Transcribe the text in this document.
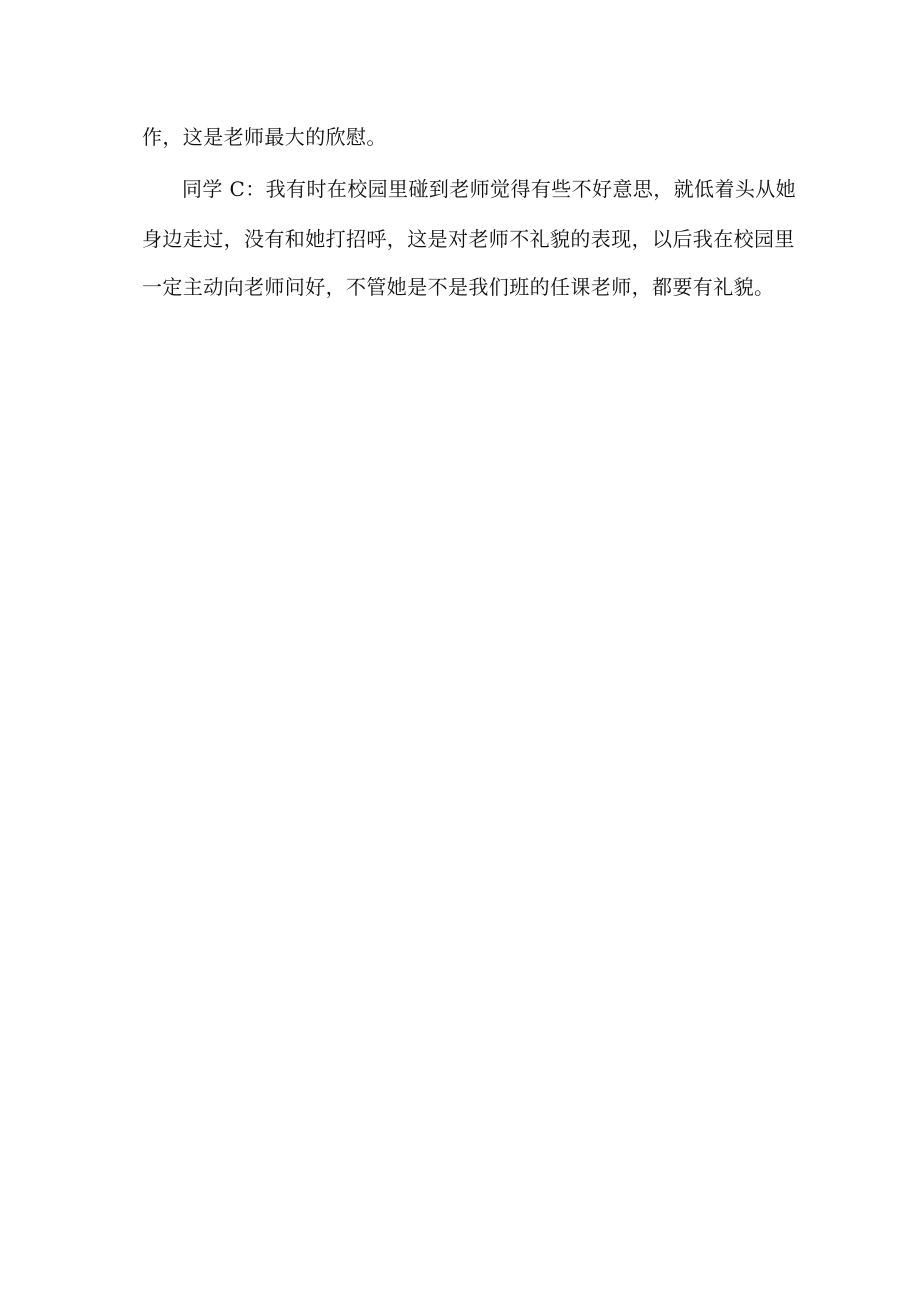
作，这是老师最大的欣慰。
同学 C：我有时在校园里碰到老师觉得有些不好意思，就低着头从她
身边走过，没有和她打招呼，这是对老师不礼貌的表现，以后我在校园里
一定主动向老师问好，不管她是不是我们班的任课老师，都要有礼貌。
